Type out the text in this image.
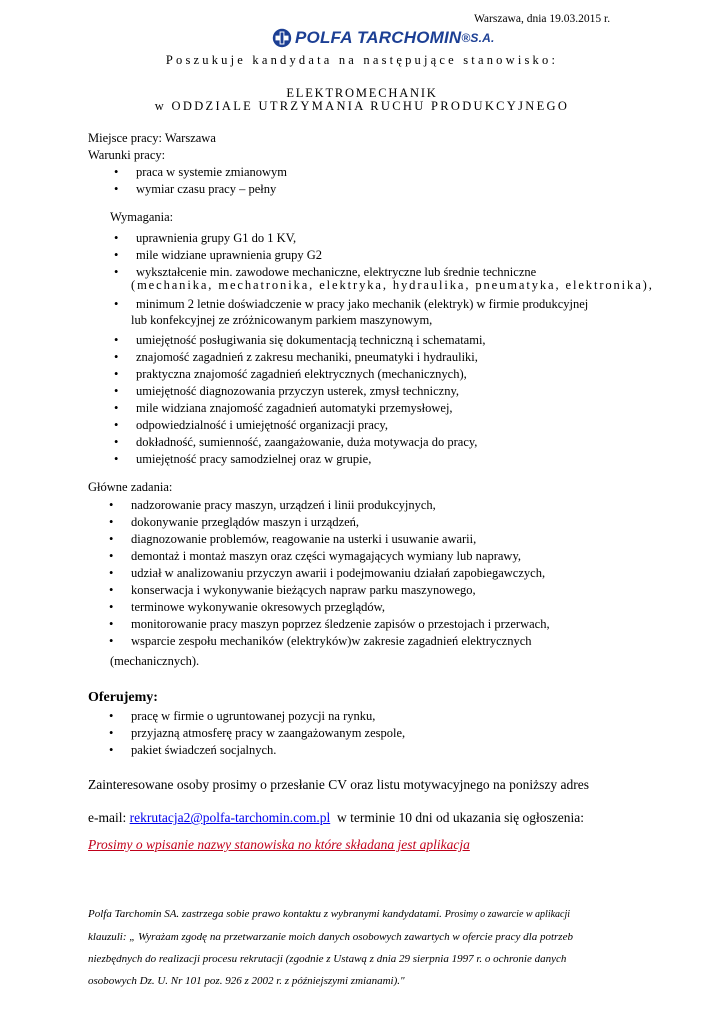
Warszawa, dnia 19.03.2015 r.
POLFA TARCHOMIN ®S.A.
Poszukuje kandydata na następujące stanowisko:
ELEKTROMECHANIK
w ODDZIALE UTRZYMANIA RUCHU PRODUKCYJNEGO
Miejsce pracy: Warszawa
Warunki pracy:
• praca w systemie zmianowym
• wymiar czasu pracy – pełny
Wymagania:
• uprawnienia grupy G1 do 1 KV,
• mile widziane uprawnienia grupy G2
• wykształcenie min. zawodowe mechaniczne, elektryczne lub średnie techniczne
(mechanika, mechatronika, elektryka, hydraulika, pneumatyka, elektronika),
• minimum 2 letnie doświadczenie w pracy jako mechanik (elektryk) w firmie produkcyjnej
lub konfekcyjnej ze zróżnicowanym parkiem maszynowym,
• umiejętność posługiwania się dokumentacją techniczną i schematami,
• znajomość zagadnień z zakresu mechaniki, pneumatyki i hydrauliki,
• praktyczna znajomość zagadnień elektrycznych (mechanicznych),
• umiejętność diagnozowania przyczyn usterek, zmysł techniczny,
• mile widziana znajomość zagadnień automatyki przemysłowej,
• odpowiedzialność i umiejętność organizacji pracy,
• dokładność, sumienność, zaangażowanie, duża motywacja do pracy,
• umiejętność pracy samodzielnej oraz w grupie,
Główne zadania:
• nadzorowanie pracy maszyn, urządzeń i linii produkcyjnych,
• dokonywanie przeglądów maszyn i urządzeń,
• diagnozowanie problemów, reagowanie na usterki i usuwanie awarii,
• demontaż i montaż maszyn oraz części wymagających wymiany lub naprawy,
• udział w analizowaniu przyczyn awarii i podejmowaniu działań zapobiegawczych,
• konserwacja i wykonywanie bieżących napraw parku maszynowego,
• terminowe wykonywanie okresowych przeglądów,
• monitorowanie pracy maszyn poprzez śledzenie zapisów o przestojach i przerwach,
• wsparcie zespołu mechaników (elektryków)w zakresie zagadnień elektrycznych
(mechanicznych).
Oferujemy:
• pracę w firmie o ugruntowanej pozycji na rynku,
• przyjazną atmosferę pracy w zaangażowanym zespole,
• pakiet świadczeń socjalnych.
Zainteresowane osoby prosimy o przesłanie CV oraz listu motywacyjnego na poniższy adres
e-mail: rekrutacja2@polfa-tarchomin.com.pl  w terminie 10 dni od ukazania się ogłoszenia:
Prosimy o wpisanie nazwy stanowiska no które składana jest aplikacja
Polfa Tarchomin SA. zastrzega sobie prawo kontaktu z wybranymi kandydatami. Prosimy o zawarcie w aplikacji
klauzuli: „ Wyrażam zgodę na przetwarzanie moich danych osobowych zawartych w ofercie pracy dla potrzeb
niezbędnych do realizacji procesu rekrutacji (zgodnie z Ustawą z dnia 29 sierpnia 1997 r. o ochronie danych
osobowych Dz. U. Nr 101 poz. 926 z 2002 r. z późniejszymi zmianami)."
